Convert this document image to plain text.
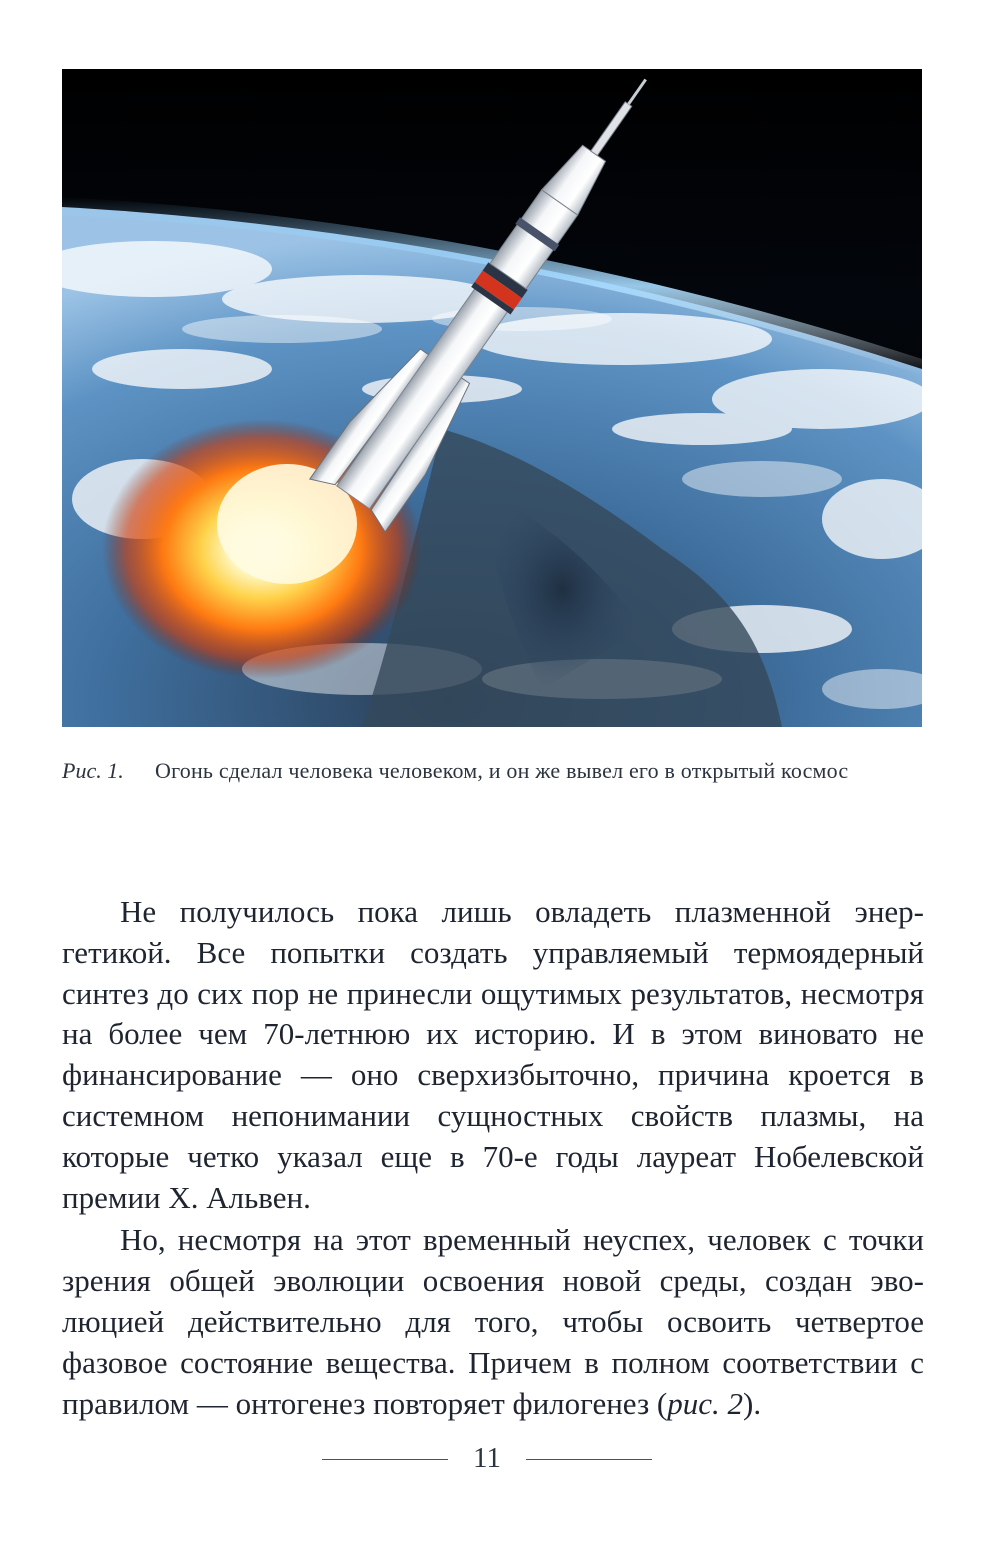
Рис. 1. Огонь сделал человека человеком, и он же вывел его в открытый космос

Не получилось пока лишь овладеть плазменной энергетикой. Все попытки создать управляемый термоядерный синтез до сих пор не принесли ощутимых результатов, несмотря на более чем 70-летнюю их историю. И в этом виновато не финансирование — оно сверхизбыточно, причина кроется в системном непонимании сущностных свойств плазмы, на которые четко указал еще в 70-е годы лауреат Нобелевской премии Х. Альвен.

Но, несмотря на этот временный неуспех, человек с точки зрения общей эволюции освоения новой среды, создан эволюцией действительно для того, чтобы освоить четвертое фазовое состояние вещества. Причем в полном соответствии с правилом — онтогенез повторяет филогенез (рис. 2).

11
